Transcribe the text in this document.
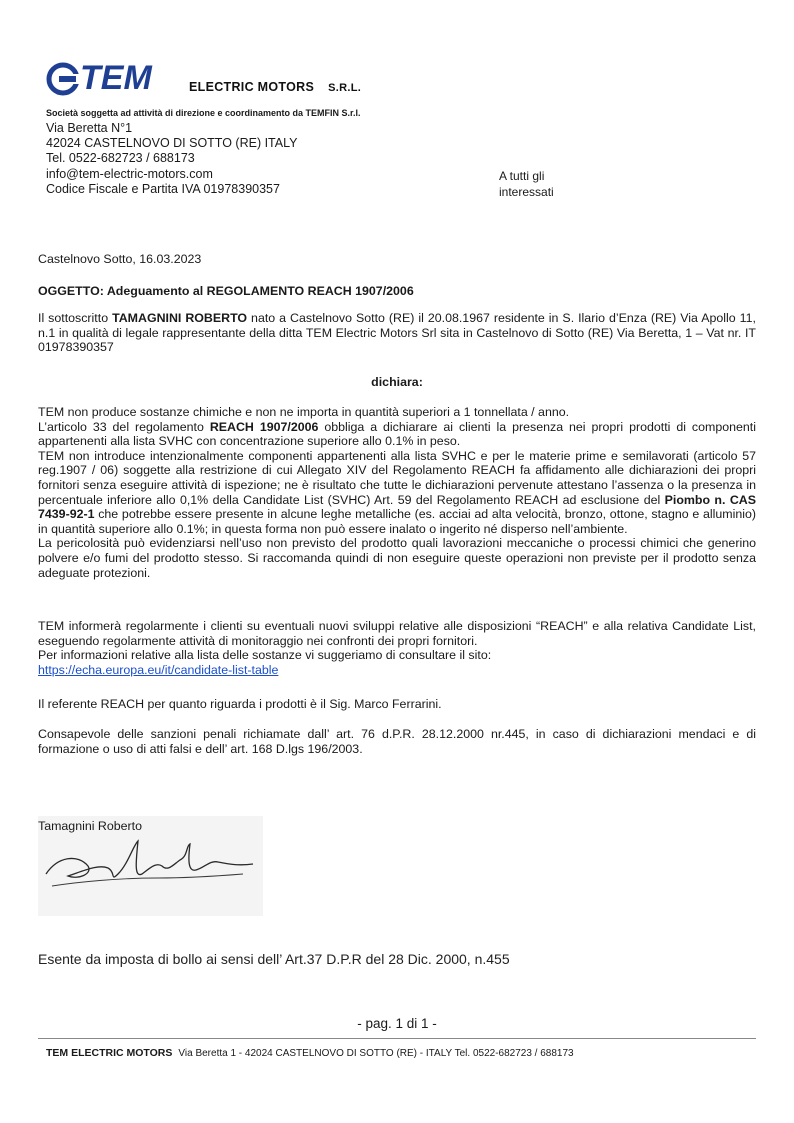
TEM	ELECTRIC MOTORS S.R.L.
Società soggetta ad attività di direzione e coordinamento da TEMFIN S.r.l.
Via Beretta N°1
42024 CASTELNOVO DI SOTTO (RE) ITALY
Tel. 0522-682723 / 688173
info@tem-electric-motors.com
Codice Fiscale e Partita IVA 01978390357
A tutti gli
interessati
Castelnovo Sotto, 16.03.2023
OGGETTO: Adeguamento al REGOLAMENTO REACH 1907/2006

Il sottoscritto TAMAGNINI ROBERTO nato a Castelnovo Sotto (RE) il 20.08.1967 residente in S. Ilario d’Enza (RE) Via Apollo 11, n.1 in qualità di legale rappresentante della ditta TEM Electric Motors Srl sita in Castelnovo di Sotto (RE) Via Beretta, 1 – Vat nr. IT 01978390357

dichiara:

TEM non produce sostanze chimiche e non ne importa in quantità superiori a 1 tonnellata / anno.

L’articolo 33 del regolamento REACH 1907/2006 obbliga a dichiarare ai clienti la presenza nei propri prodotti di componenti appartenenti alla lista SVHC con concentrazione superiore allo 0.1% in peso.

TEM non introduce intenzionalmente componenti appartenenti alla lista SVHC e per le materie prime e semilavorati (articolo 57 reg.1907 / 06) soggette alla restrizione di cui Allegato XIV del Regolamento REACH fa affidamento alle dichiarazioni dei propri fornitori senza eseguire attività di ispezione; ne è risultato che tutte le dichiarazioni pervenute attestano l’assenza o la presenza in percentuale inferiore allo 0,1% della Candidate List (SVHC) Art. 59 del Regolamento REACH ad esclusione del Piombo n. CAS 7439-92-1 che potrebbe essere presente in alcune leghe metalliche (es. acciai ad alta velocità, bronzo, ottone, stagno e alluminio) in quantità superiore allo 0.1%; in questa forma non può essere inalato o ingerito né disperso nell’ambiente.

La pericolosità può evidenziarsi nell’uso non previsto del prodotto quali lavorazioni meccaniche o processi chimici che generino polvere e/o fumi del prodotto stesso. Si raccomanda quindi di non eseguire queste operazioni non previste per il prodotto senza adeguate protezioni.

TEM informerà regolarmente i clienti su eventuali nuovi sviluppi relative alle disposizioni “REACH” e alla relativa Candidate List, eseguendo regolarmente attività di monitoraggio nei confronti dei propri fornitori.

Per informazioni relative alla lista delle sostanze vi suggeriamo di consultare il sito:

https://echa.europa.eu/it/candidate-list-table

Il referente REACH per quanto riguarda i prodotti è il Sig. Marco Ferrarini.

Consapevole delle sanzioni penali richiamate dall’ art. 76 d.P.R. 28.12.2000 nr.445, in caso di dichiarazioni mendaci e di formazione o uso di atti falsi e dell’ art. 168 D.lgs 196/2003.

Tamagnini Roberto
Esente da imposta di bollo ai sensi dell’ Art.37 D.P.R del 28 Dic. 2000, n.455
- pag. 1 di 1 -
TEM ELECTRIC MOTORS Via Beretta 1 - 42024 CASTELNOVO DI SOTTO (RE) - ITALY Tel. 0522-682723 / 688173
